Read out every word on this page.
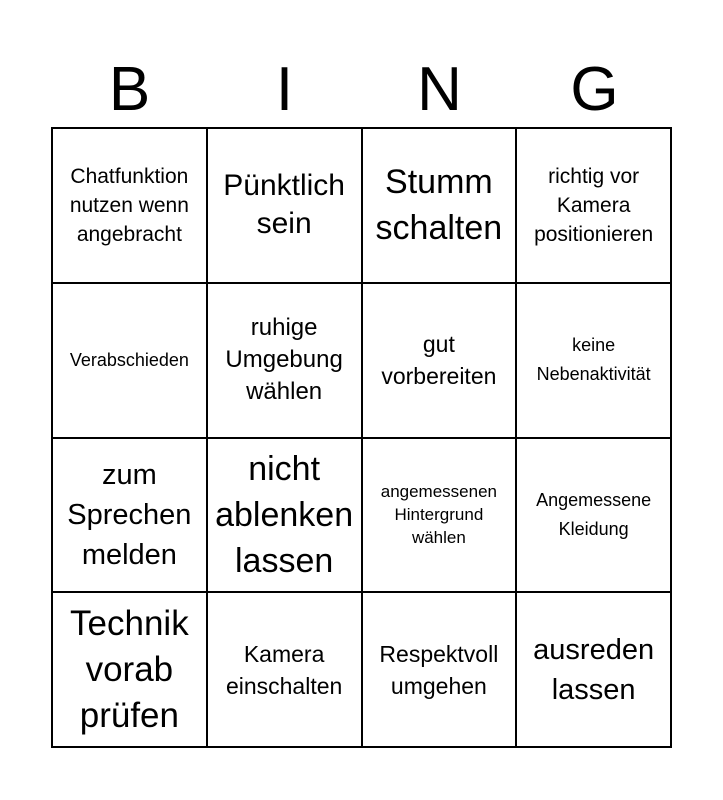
B	I	N	G
Chatfunktion nutzen wenn angebracht
Pünktlich sein
Stumm schalten
richtig vor Kamera positionieren
Verabschieden
ruhige Umgebung wählen
gut vorbereiten
keine Nebenaktivität
zum Sprechen melden
nicht ablenken lassen
angemessenen Hintergrund wählen
Angemessene Kleidung
Technik vorab prüfen
Kamera einschalten
Respektvoll umgehen
ausreden lassen
